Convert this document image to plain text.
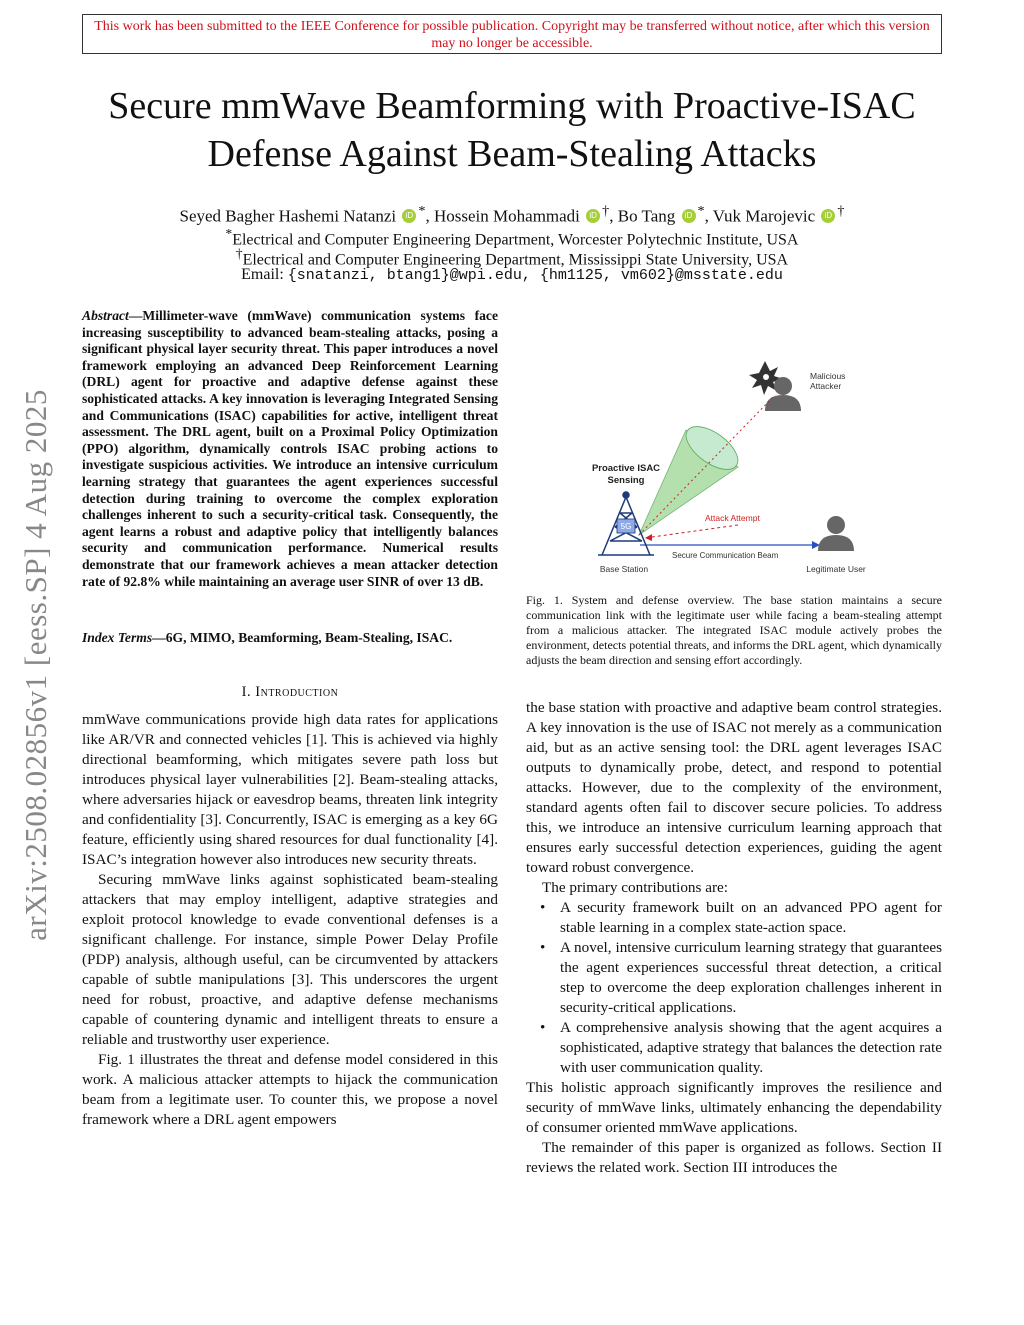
This work has been submitted to the IEEE Conference for possible publication. Copyright may be transferred without notice, after which this version may no longer be accessible.
Secure mmWave Beamforming with Proactive-ISAC
Defense Against Beam-Stealing Attacks
Seyed Bagher Hashemi Natanzi iD *, Hossein Mohammadi iD †, Bo Tang iD *, Vuk Marojevic iD †
*Electrical and Computer Engineering Department, Worcester Polytechnic Institute, USA
†Electrical and Computer Engineering Department, Mississippi State University, USA
Email: {snatanzi, btang1}@wpi.edu, {hm1125, vm602}@msstate.edu
arXiv:2508.02856v1 [eess.SP] 4 Aug 2025
Abstract—Millimeter-wave (mmWave) communication systems face increasing susceptibility to advanced beam-stealing attacks, posing a significant physical layer security threat. This paper introduces a novel framework employing an advanced Deep Reinforcement Learning (DRL) agent for proactive and adaptive defense against these sophisticated attacks. A key innovation is leveraging Integrated Sensing and Communications (ISAC) capabilities for active, intelligent threat assessment. The DRL agent, built on a Proximal Policy Optimization (PPO) algorithm, dynamically controls ISAC probing actions to investigate suspicious activities. We introduce an intensive curriculum learning strategy that guarantees the agent experiences successful detection during training to overcome the complex exploration challenges inherent to such a security-critical task. Consequently, the agent learns a robust and adaptive policy that intelligently balances security and communication performance. Numerical results demonstrate that our framework achieves a mean attacker detection rate of 92.8% while maintaining an average user SINR of over 13 dB.
Index Terms—6G, MIMO, Beamforming, Beam-Stealing, ISAC.
I. Introduction

mmWave communications provide high data rates for applications like AR/VR and connected vehicles [1]. This is achieved via highly directional beamforming, which mitigates severe path loss but introduces physical layer vulnerabilities [2]. Beam-stealing attacks, where adversaries hijack or eavesdrop beams, threaten link integrity and confidentiality [3]. Concurrently, ISAC is emerging as a key 6G feature, efficiently using shared resources for dual functionality [4]. ISAC’s integration however also introduces new security threats.

Securing mmWave links against sophisticated beam-stealing attackers that may employ intelligent, adaptive strategies and exploit protocol knowledge to evade conventional defenses is a significant challenge. For instance, simple Power Delay Profile (PDP) analysis, although useful, can be circumvented by attackers capable of subtle manipulations [3]. This underscores the urgent need for robust, proactive, and adaptive defense mechanisms capable of countering dynamic and intelligent threats to ensure a reliable and trustworthy user experience.

Fig. 1 illustrates the threat and defense model considered in this work. A malicious attacker attempts to hijack the communication beam from a legitimate user. To counter this, we propose a novel framework where a DRL agent empowers

Malicious
Attacker
Attack Attempt
Secure Communication Beam
5G
Proactive ISAC
Sensing
Base Station	Legitimate User
Fig. 1. System and defense overview. The base station maintains a secure communication link with the legitimate user while facing a beam-stealing attempt from a malicious attacker. The integrated ISAC module actively probes the environment, detects potential threats, and informs the DRL agent, which dynamically adjusts the beam direction and sensing effort accordingly.

the base station with proactive and adaptive beam control strategies. A key innovation is the use of ISAC not merely as a communication aid, but as an active sensing tool: the DRL agent leverages ISAC outputs to dynamically probe, detect, and respond to potential attacks. However, due to the complexity of the environment, standard agents often fail to discover secure policies. To address this, we introduce an intensive curriculum learning approach that ensures early successful detection experiences, guiding the agent toward robust convergence.

The primary contributions are:

• A security framework built on an advanced PPO agent for stable learning in a complex state-action space.
• A novel, intensive curriculum learning strategy that guarantees the agent experiences successful threat detection, a critical step to overcome the deep exploration challenges inherent in security-critical applications.
• A comprehensive analysis showing that the agent acquires a sophisticated, adaptive strategy that balances the detection rate with user communication quality.

This holistic approach significantly improves the resilience and security of mmWave links, ultimately enhancing the dependability of consumer oriented mmWave applications.

The remainder of this paper is organized as follows. Section II reviews the related work. Section III introduces the
